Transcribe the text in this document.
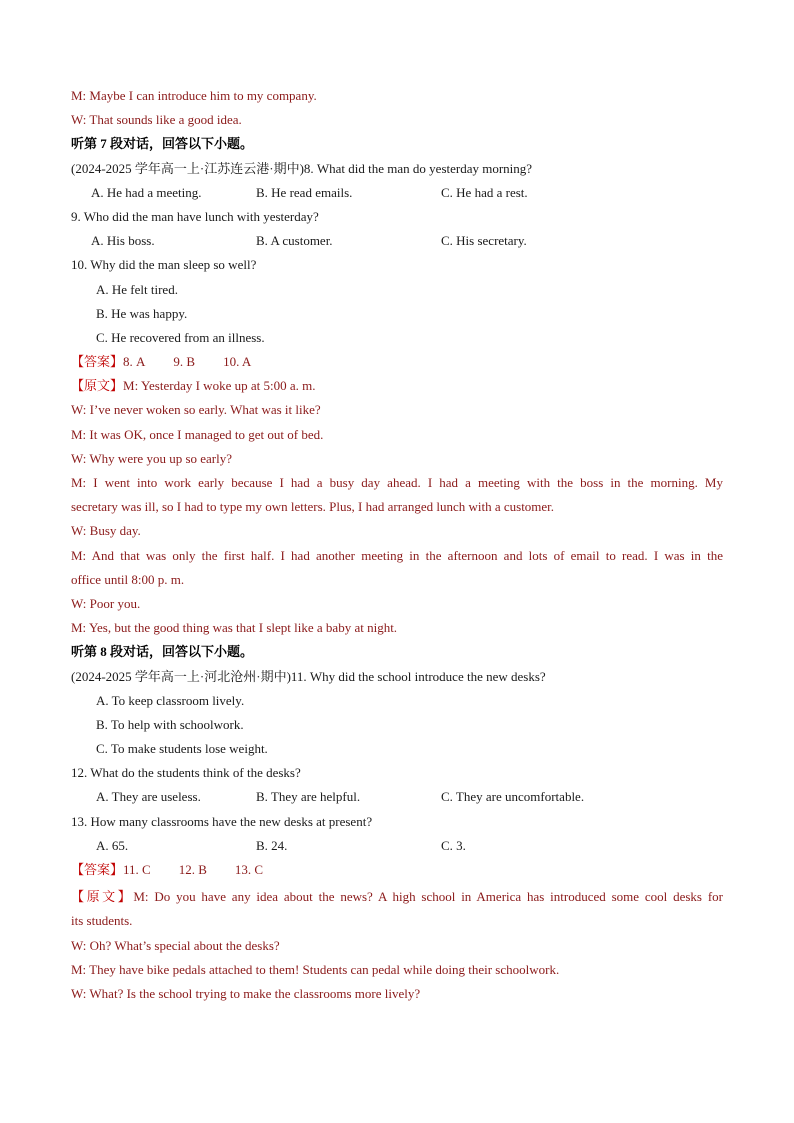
M: Maybe I can introduce him to my company.
W: That sounds like a good idea.
听第 7 段对话，回答以下小题。
(2024-2025 学年高一上·江苏连云港·期中)8. What did the man do yesterday morning?
A. He had a meeting.	B. He read emails.	C. He had a rest.
9. Who did the man have lunch with yesterday?
A. His boss.	B. A customer.	C. His secretary.
10. Why did the man sleep so well?
A. He felt tired.
B. He was happy.
C. He recovered from an illness.
【答案】8. A 9. B 10. A
【原文】M: Yesterday I woke up at 5:00 a. m.
W: I’ve never woken so early. What was it like?
M: It was OK, once I managed to get out of bed.
W: Why were you up so early?
M: I went into work early because I had a busy day ahead. I had a meeting with the boss in the morning. My
secretary was ill, so I had to type my own letters. Plus, I had arranged lunch with a customer.
W: Busy day.
M: And that was only the first half. I had another meeting in the afternoon and lots of email to read. I was in the
office until 8:00 p. m.
W: Poor you.
M: Yes, but the good thing was that I slept like a baby at night.
听第 8 段对话，回答以下小题。
(2024-2025 学年高一上·河北沧州·期中)11. Why did the school introduce the new desks?
A. To keep classroom lively.
B. To help with schoolwork.
C. To make students lose weight.
12. What do the students think of the desks?
A. They are useless.	B. They are helpful.	C. They are uncomfortable.
13. How many classrooms have the new desks at present?
A. 65.	B. 24.	C. 3.
【答案】11. C 12. B 13. C
【原文】M: Do you have any idea about the news? A high school in America has introduced some cool desks for
its students.
W: Oh? What’s special about the desks?
M: They have bike pedals attached to them! Students can pedal while doing their schoolwork.
W: What? Is the school trying to make the classrooms more lively?
